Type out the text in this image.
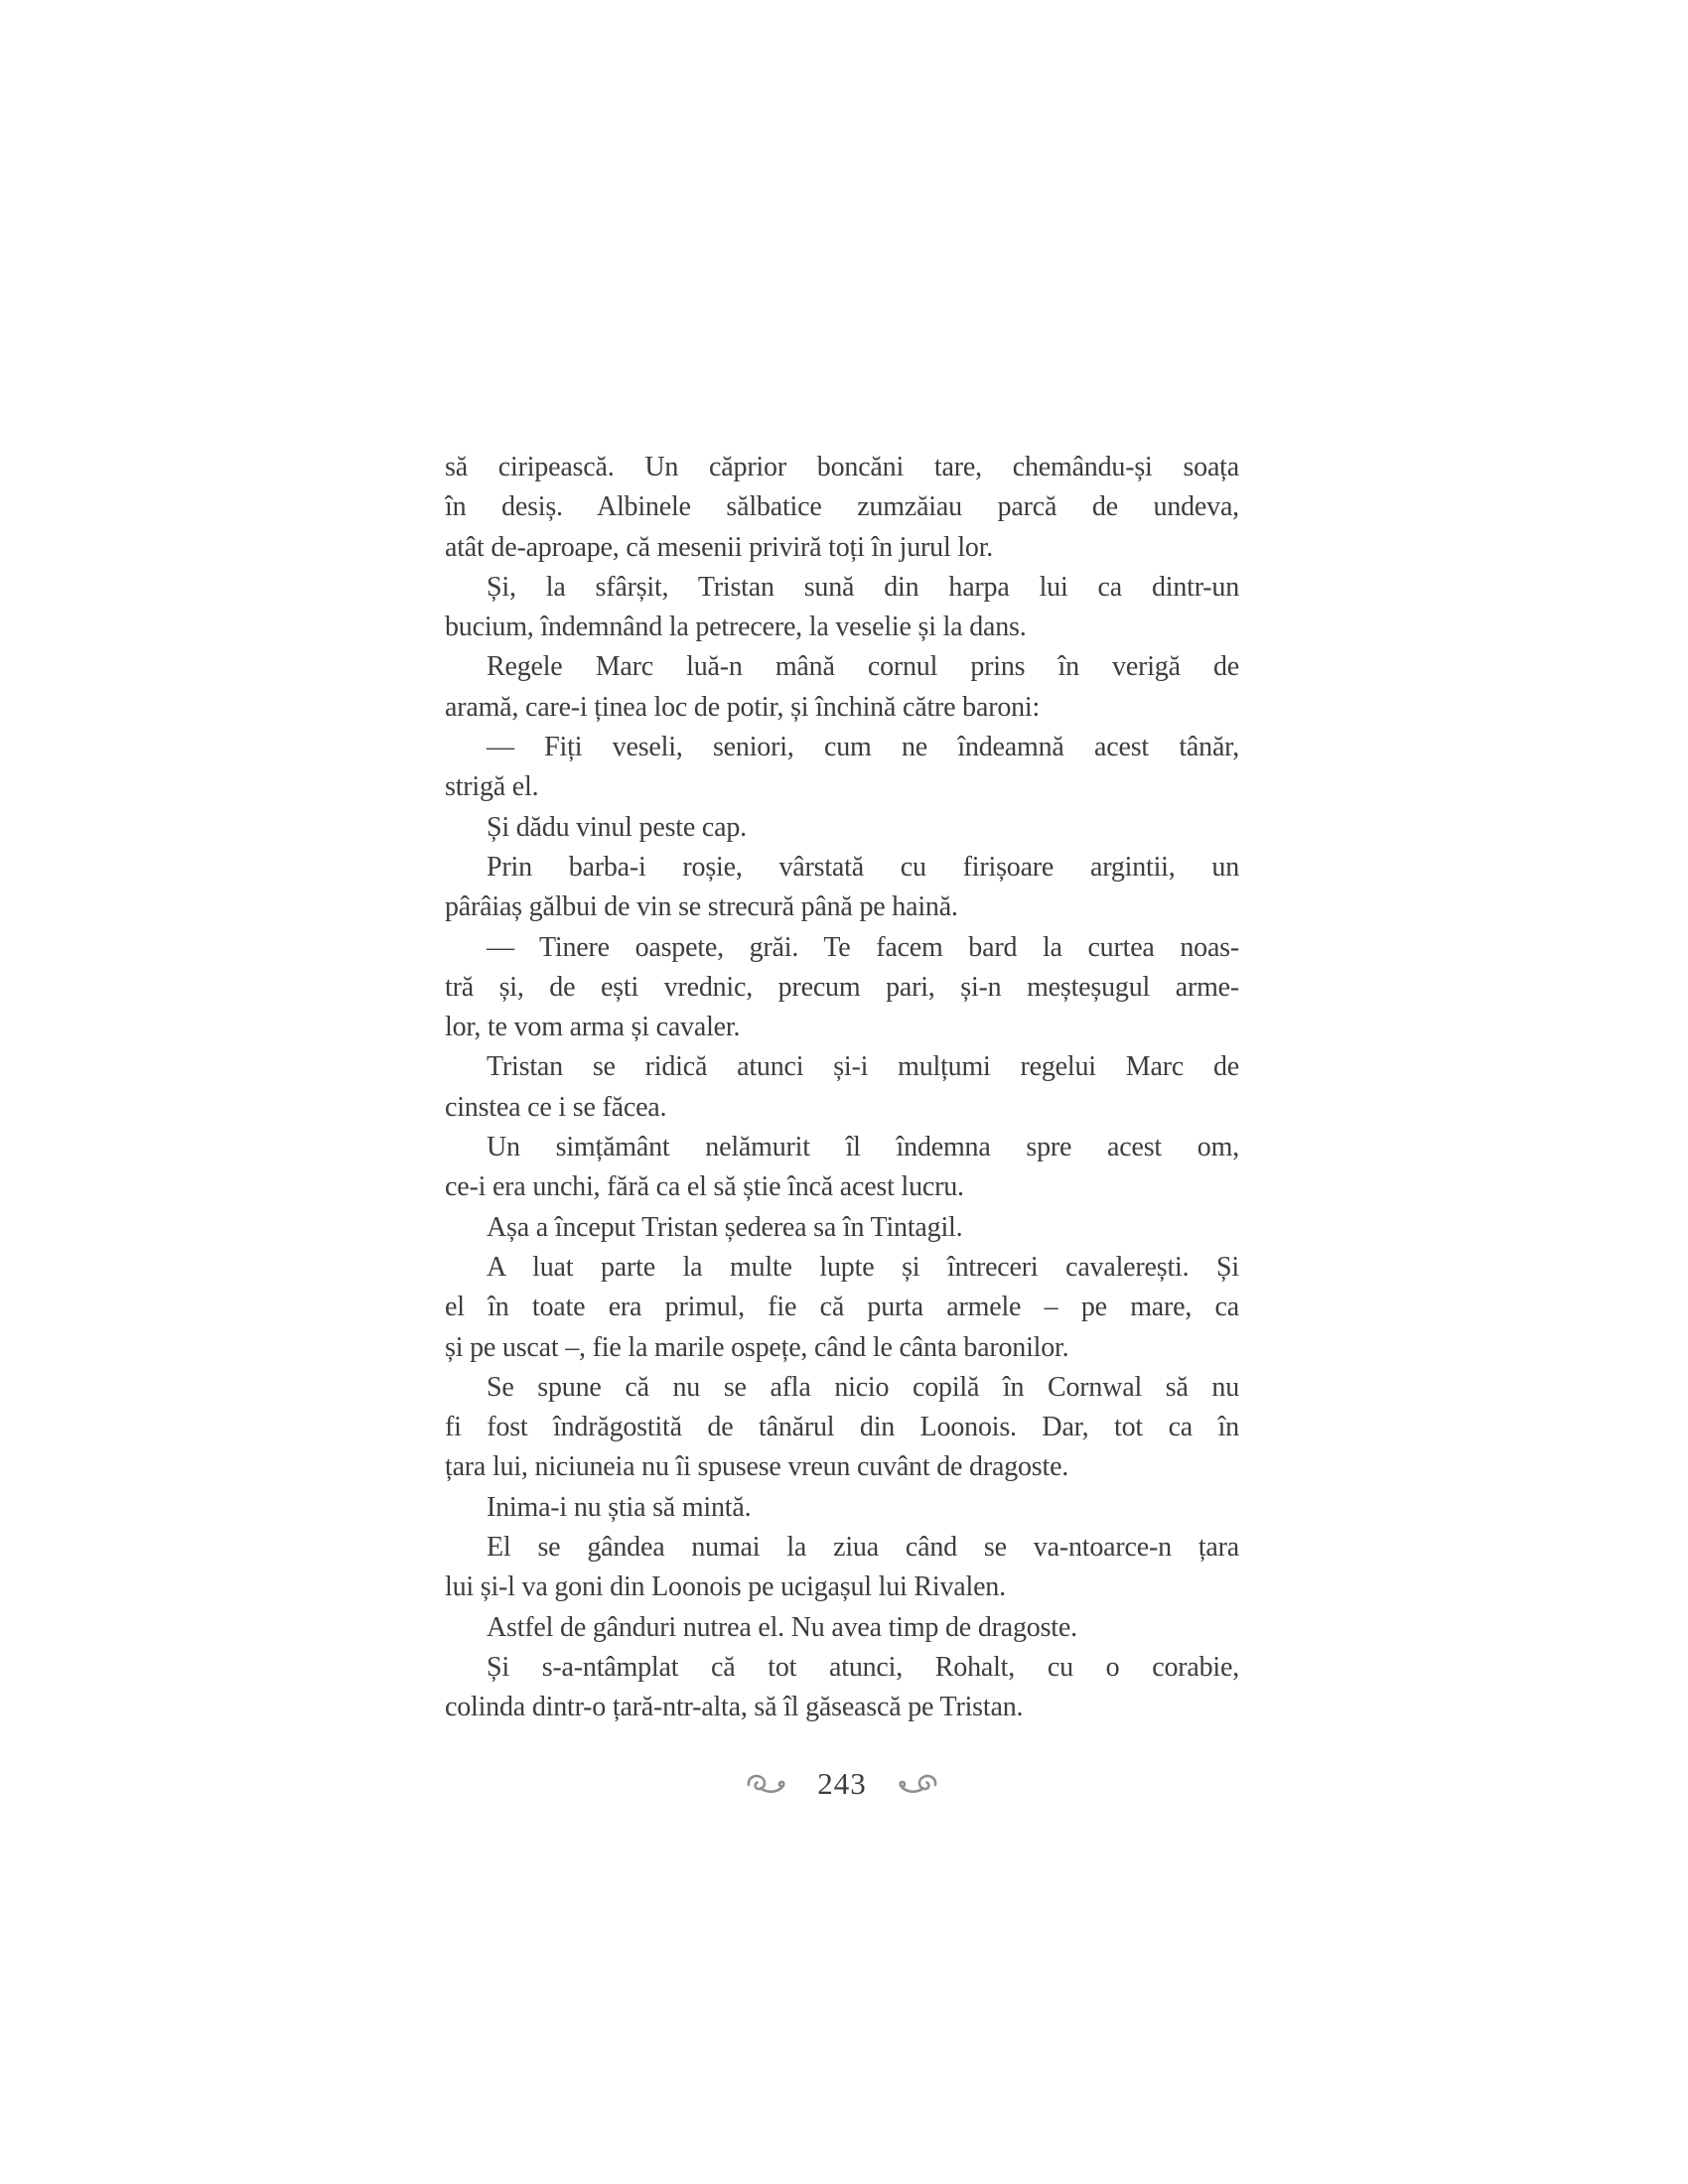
să ciripească. Un căprior boncăni tare, chemându-și soața
în desiș. Albinele sălbatice zumzăiau parcă de undeva,
atât de-aproape, că mesenii priviră toți în jurul lor.
Și, la sfârșit, Tristan sună din harpa lui ca dintr-un
bucium, îndemnând la petrecere, la veselie și la dans.
Regele Marc luă-n mână cornul prins în verigă de
aramă, care-i ținea loc de potir, și închină către baroni:
— Fiți veseli, seniori, cum ne îndeamnă acest tânăr,
strigă el.
Și dădu vinul peste cap.
Prin barba-i roșie, vârstată cu firișoare argintii, un
pârâiaș gălbui de vin se strecură până pe haină.
— Tinere oaspete, grăi. Te facem bard la curtea noas-
tră și, de ești vrednic, precum pari, și-n meșteșugul arme-
lor, te vom arma și cavaler.
Tristan se ridică atunci și-i mulțumi regelui Marc de
cinstea ce i se făcea.
Un simțământ nelămurit îl îndemna spre acest om,
ce-i era unchi, fără ca el să știe încă acest lucru.
Așa a început Tristan șederea sa în Tintagil.
A luat parte la multe lupte și întreceri cavalerești. Și
el în toate era primul, fie că purta armele – pe mare, ca
și pe uscat –, fie la marile ospețe, când le cânta baronilor.
Se spune că nu se afla nicio copilă în Cornwal să nu
fi fost îndrăgostită de tânărul din Loonois. Dar, tot ca în
țara lui, niciuneia nu îi spusese vreun cuvânt de dragoste.
Inima-i nu știa să mintă.
El se gândea numai la ziua când se va-ntoarce-n țara
lui și-l va goni din Loonois pe ucigașul lui Rivalen.
Astfel de gânduri nutrea el. Nu avea timp de dragoste.
Și s-a-ntâmplat că tot atunci, Rohalt, cu o corabie,
colinda dintr-o țară-ntr-alta, să îl găsească pe Tristan.
243
